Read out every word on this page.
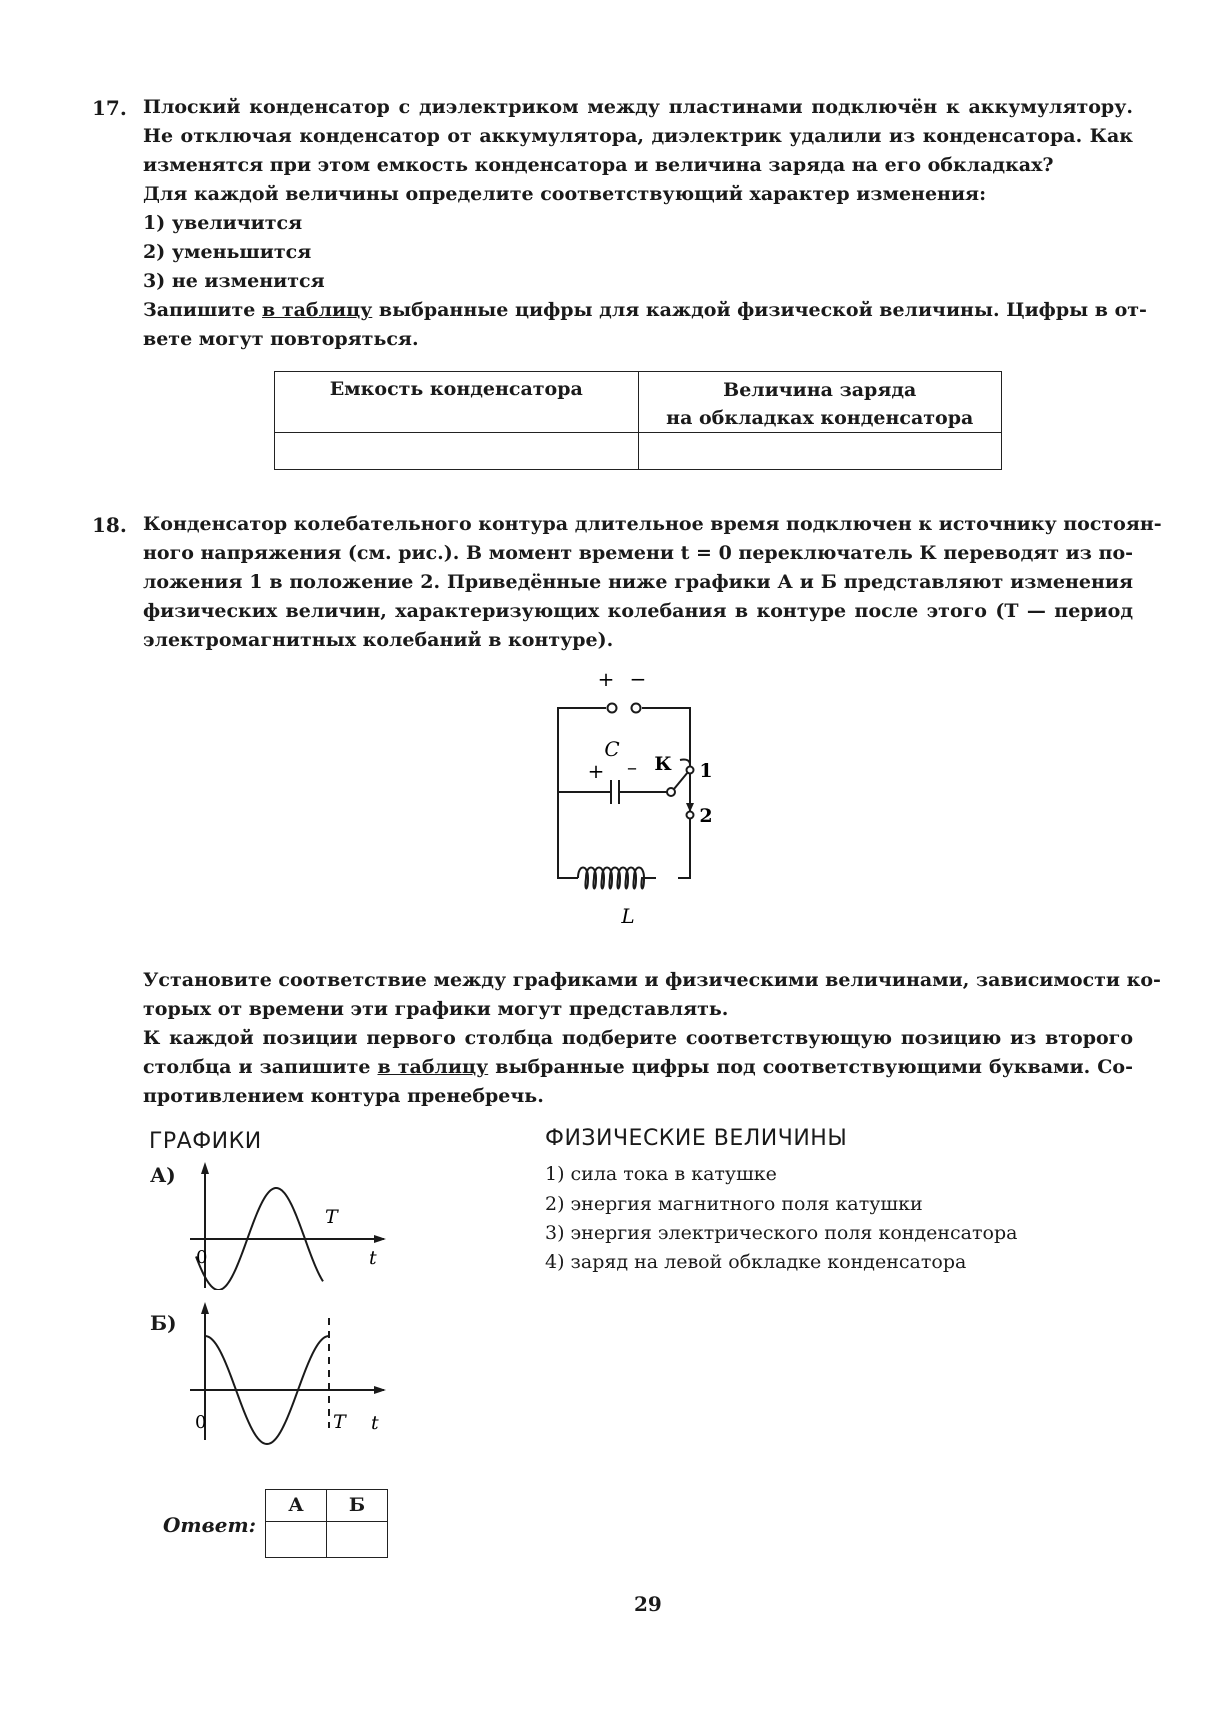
17. Плоский конденсатор с диэлектриком между пластинами подключён к аккумулятору.
Не отключая конденсатор от аккумулятора, диэлектрик удалили из конденсатора. Как
изменятся при этом емкость конденсатора и величина заряда на его обкладках?
Для каждой величины определите соответствующий характер изменения:
1) увеличится
2) уменьшится
3) не изменится
Запишите в таблицу выбранные цифры для каждой физической величины. Цифры в от-
вете могут повторяться.
Емкость конденсатора	Величина заряда
на обкладках конденсатора

18. Конденсатор колебательного контура длительное время подключен к источнику постоян-
ного напряжения (см. рис.). В момент времени t = 0 переключатель К переводят из по-
ложения 1 в положение 2. Приведённые ниже графики А и Б представляют изменения
физических величин, характеризующих колебания в контуре после этого (T — период
электромагнитных колебаний в контуре).
+ −
C
+ – К 1
2
L
Установите соответствие между графиками и физическими величинами, зависимости ко-
торых от времени эти графики могут представлять.
К каждой позиции первого столбца подберите соответствующую позицию из второго
столбца и запишите в таблицу выбранные цифры под соответствующими буквами. Со-
противлением контура пренебречь.
ГРАФИКИ	ФИЗИЧЕСКИЕ ВЕЛИЧИНЫ
А)
0	t
T
Б)
0	T t
1) сила тока в катушке
2) энергия магнитного поля катушки
3) энергия электрического поля конденсатора
4) заряд на левой обкладке конденсатора
Ответ:
А	Б

29
